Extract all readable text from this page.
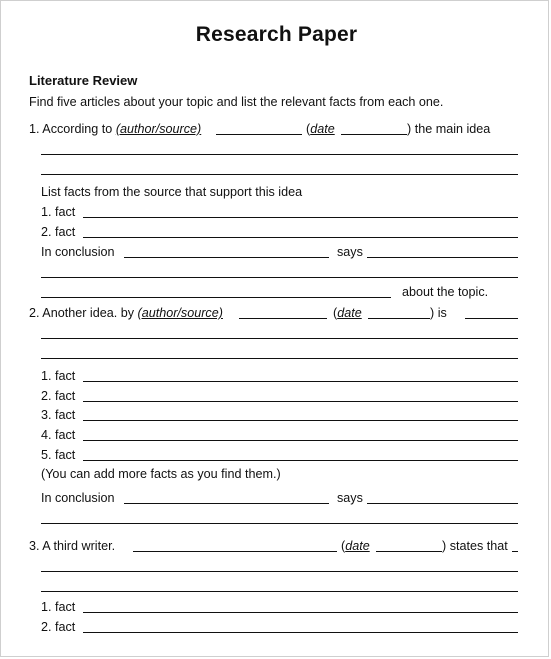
Research Paper
Literature Review
Find five articles about your topic and list the relevant facts from each one.
1. According to (author/source)	(date	) the main idea
List facts from the source that support this idea
1. fact
2. fact
In conclusion	says
about the topic.
2. Another idea. by (author/source)	(date	) is
1. fact
2. fact
3. fact
4. fact
5. fact
(You can add more facts as you find them.)
In conclusion	says
3. A third writer.	(date	) states that
1. fact
2. fact
